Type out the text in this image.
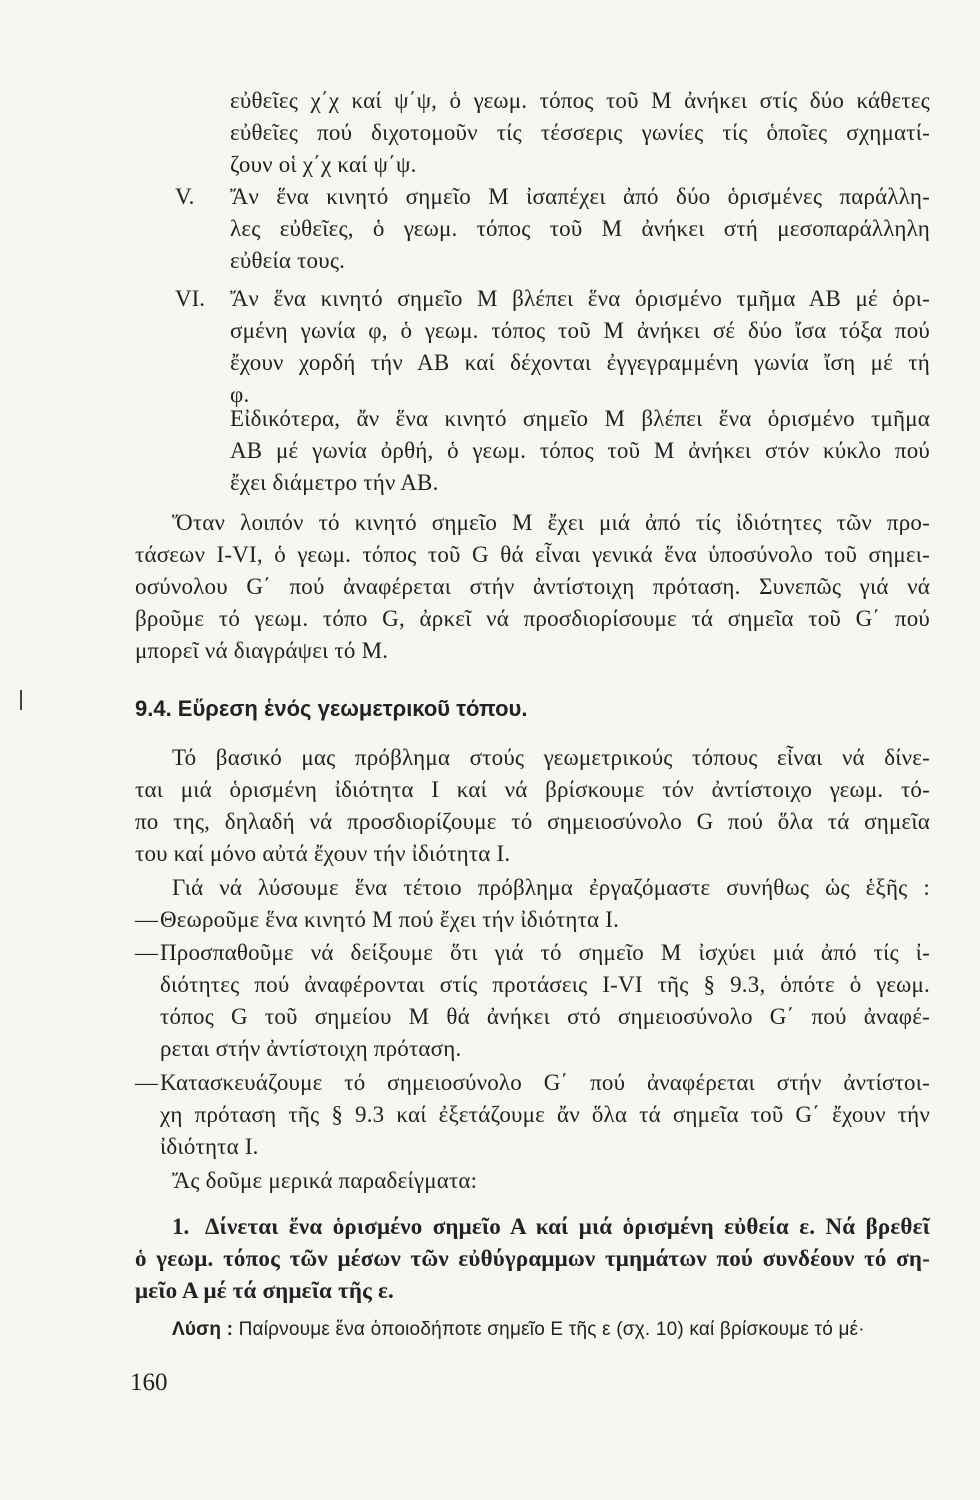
εὐθεῖες χ΄χ καί ψ΄ψ, ὁ γεωμ. τόπος τοῦ Μ ἀνήκει στίς δύο κάθετες
εὐθεῖες πού διχοτομοῦν τίς τέσσερις γωνίες τίς ὁποῖες σχηματί-
ζουν οἱ χ΄χ καί ψ΄ψ.
V. Ἄν ἕνα κινητό σημεῖο Μ ἰσαπέχει ἀπό δύο ὁρισμένες παράλλη-
λες εὐθεῖες, ὁ γεωμ. τόπος τοῦ Μ ἀνήκει στή μεσοπαράλληλη
εὐθεία τους.
VI. Ἄν ἕνα κινητό σημεῖο Μ βλέπει ἕνα ὁρισμένο τμῆμα ΑΒ μέ ὁρι-
σμένη γωνία φ, ὁ γεωμ. τόπος τοῦ Μ ἀνήκει σέ δύο ἴσα τόξα πού
ἔχουν χορδή τήν ΑΒ καί δέχονται ἐγγεγραμμένη γωνία ἴση μέ τή
φ.
Εἰδικότερα, ἄν ἕνα κινητό σημεῖο Μ βλέπει ἕνα ὁρισμένο τμῆμα
ΑΒ μέ γωνία ὀρθή, ὁ γεωμ. τόπος τοῦ Μ ἀνήκει στόν κύκλο πού
ἔχει διάμετρο τήν ΑΒ.
Ὅταν λοιπόν τό κινητό σημεῖο Μ ἔχει μιά ἀπό τίς ἰδιότητες τῶν προ-
τάσεων Ι-VI, ὁ γεωμ. τόπος τοῦ G θά εἶναι γενικά ἕνα ὑποσύνολο τοῦ σημει-
οσύνολου G΄ πού ἀναφέρεται στήν ἀντίστοιχη πρόταση. Συνεπῶς γιά νά
βροῦμε τό γεωμ. τόπο G, ἀρκεῖ νά προσδιορίσουμε τά σημεῖα τοῦ G΄ πού
μπορεῖ νά διαγράψει τό Μ.
9.4. Εὕρεση ἑνός γεωμετρικοῦ τόπου.
Τό βασικό μας πρόβλημα στούς γεωμετρικούς τόπους εἶναι νά δίνε-
ται μιά ὁρισμένη ἰδιότητα Ι καί νά βρίσκουμε τόν ἀντίστοιχο γεωμ. τό-
πο της, δηλαδή νά προσδιορίζουμε τό σημειοσύνολο G πού ὅλα τά σημεῖα
του καί μόνο αὐτά ἔχουν τήν ἰδιότητα Ι.
Γιά νά λύσουμε ἕνα τέτοιο πρόβλημα ἐργαζόμαστε συνήθως ὡς ἑξῆς :
— Θεωροῦμε ἕνα κινητό Μ πού ἔχει τήν ἰδιότητα Ι.
— Προσπαθοῦμε νά δείξουμε ὅτι γιά τό σημεῖο Μ ἰσχύει μιά ἀπό τίς ἰ-
διότητες πού ἀναφέρονται στίς προτάσεις Ι-VI τῆς § 9.3, ὁπότε ὁ γεωμ.
τόπος G τοῦ σημείου Μ θά ἀνήκει στό σημειοσύνολο G΄ πού ἀναφέ-
ρεται στήν ἀντίστοιχη πρόταση.
— Κατασκευάζουμε τό σημειοσύνολο G΄ πού ἀναφέρεται στήν ἀντίστοι-
χη πρόταση τῆς § 9.3 καί ἐξετάζουμε ἄν ὅλα τά σημεῖα τοῦ G΄ ἔχουν τήν
ἰδιότητα Ι.
Ἄς δοῦμε μερικά παραδείγματα:
1. Δίνεται ἕνα ὁρισμένο σημεῖο Α καί μιά ὁρισμένη εὐθεία ε. Νά βρεθεῖ
ὁ γεωμ. τόπος τῶν μέσων τῶν εὐθύγραμμων τμημάτων πού συνδέουν τό ση-
μεῖο Α μέ τά σημεῖα τῆς ε.
Λύση : Παίρνουμε ἕνα ὁποιοδήποτε σημεῖο Ε τῆς ε (σχ. 10) καί βρίσκουμε τό μέ·
160
